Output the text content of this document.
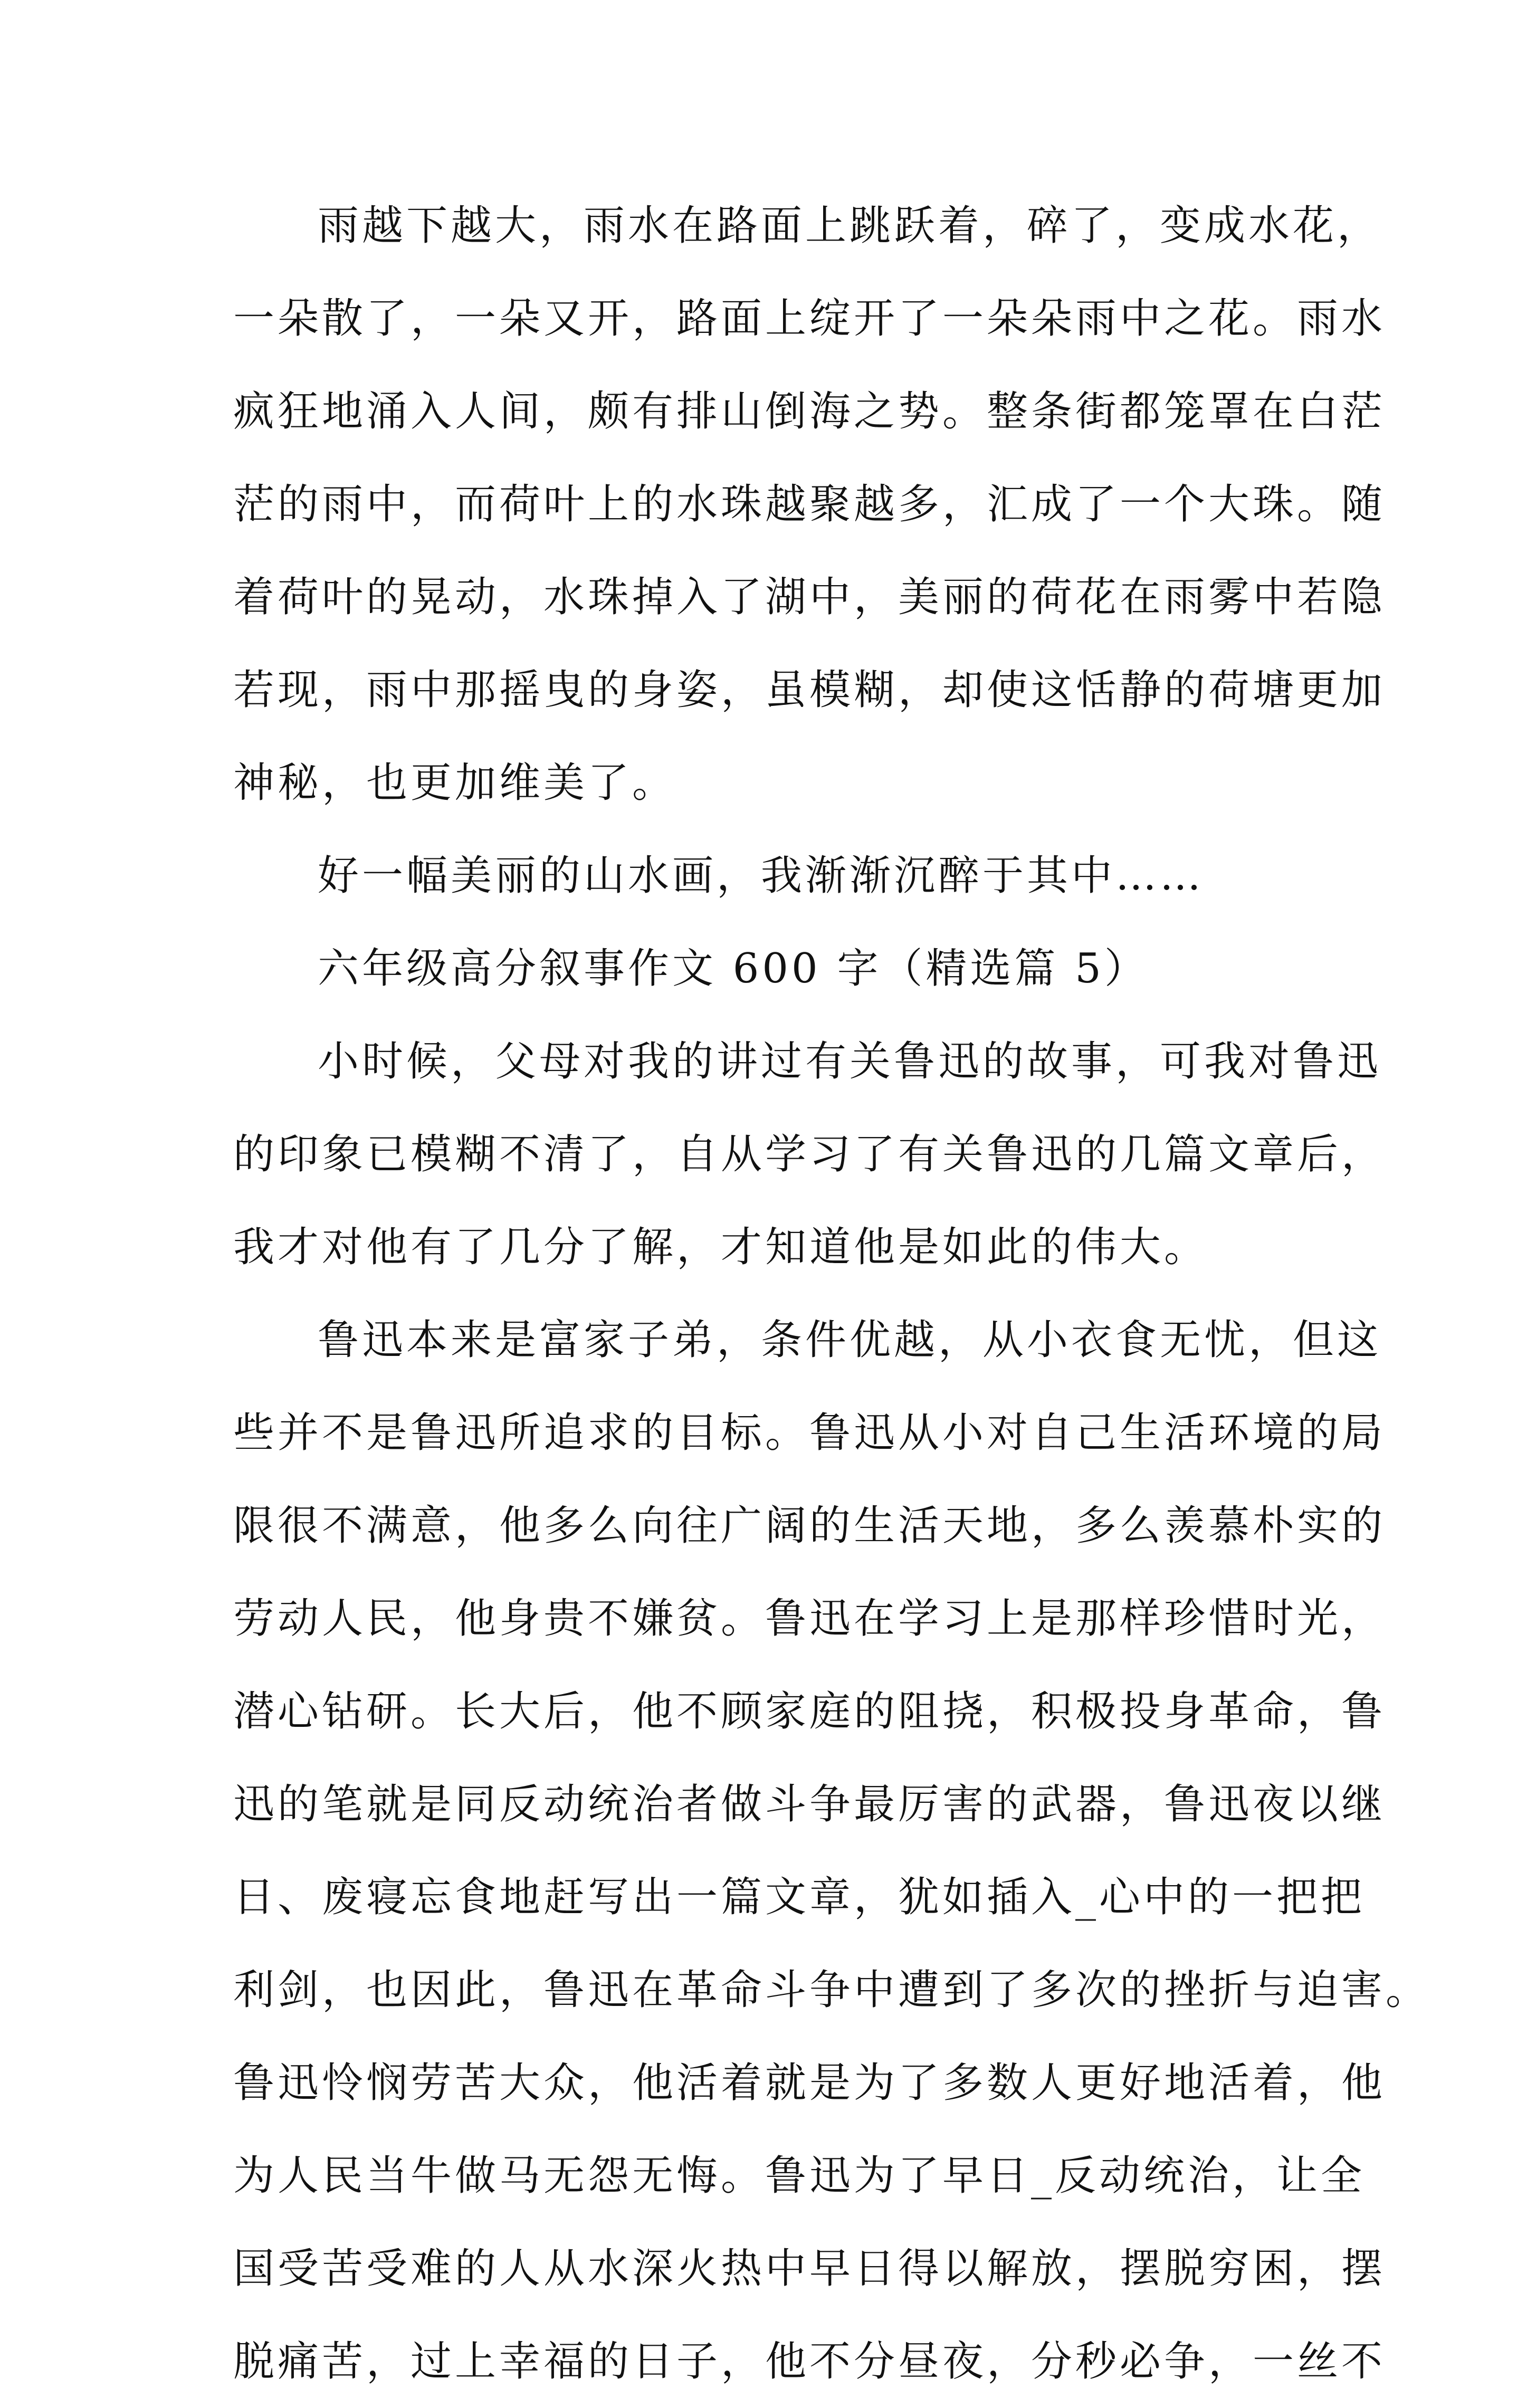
雨越下越大，雨水在路面上跳跃着，碎了，变成水花，
一朵散了，一朵又开，路面上绽开了一朵朵雨中之花。雨水
疯狂地涌入人间，颇有排山倒海之势。整条街都笼罩在白茫
茫的雨中，而荷叶上的水珠越聚越多，汇成了一个大珠。随
着荷叶的晃动，水珠掉入了湖中，美丽的荷花在雨雾中若隐
若现，雨中那摇曳的身姿，虽模糊，却使这恬静的荷塘更加
神秘，也更加维美了。
好一幅美丽的山水画，我渐渐沉醉于其中……
六年级高分叙事作文 600 字（精选篇 5）
小时候，父母对我的讲过有关鲁迅的故事，可我对鲁迅
的印象已模糊不清了，自从学习了有关鲁迅的几篇文章后，
我才对他有了几分了解，才知道他是如此的伟大。
鲁迅本来是富家子弟，条件优越，从小衣食无忧，但这
些并不是鲁迅所追求的目标。鲁迅从小对自己生活环境的局
限很不满意，他多么向往广阔的生活天地，多么羡慕朴实的
劳动人民，他身贵不嫌贫。鲁迅在学习上是那样珍惜时光，
潜心钻研。长大后，他不顾家庭的阻挠，积极投身革命，鲁
迅的笔就是同反动统治者做斗争最厉害的武器，鲁迅夜以继
日、废寝忘食地赶写出一篇文章，犹如插入_心中的一把把
利剑，也因此，鲁迅在革命斗争中遭到了多次的挫折与迫害。
鲁迅怜悯劳苦大众，他活着就是为了多数人更好地活着，他
为人民当牛做马无怨无悔。鲁迅为了早日_反动统治，让全
国受苦受难的人从水深火热中早日得以解放，摆脱穷困，摆
脱痛苦，过上幸福的日子，他不分昼夜，分秒必争，一丝不
